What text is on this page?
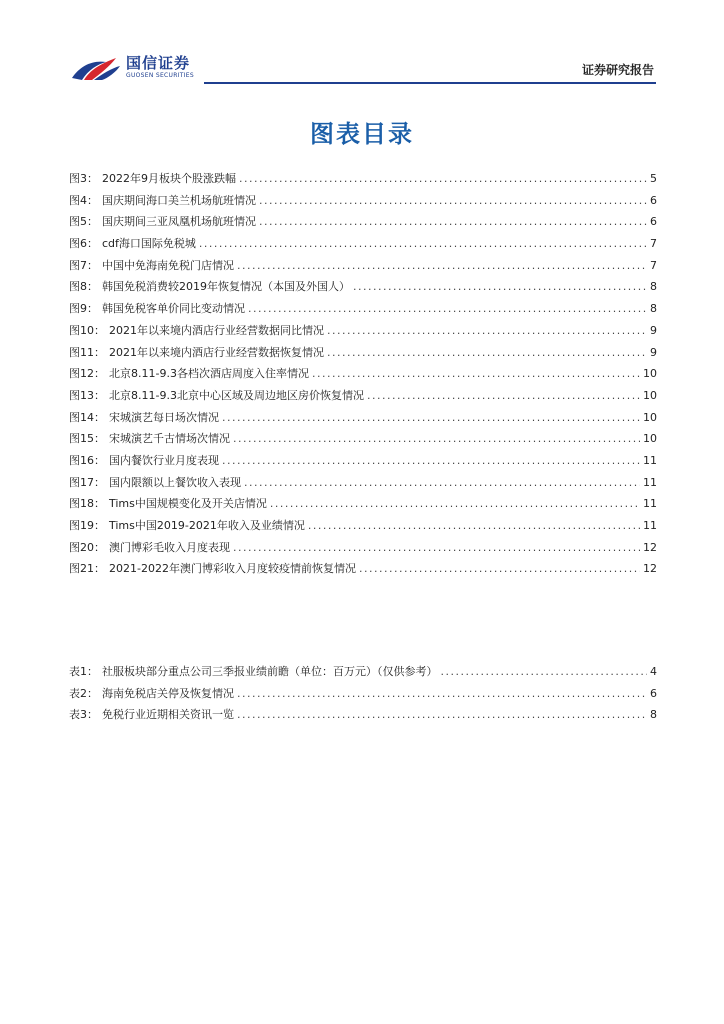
国信证券
GUOSEN SECURITIES	证券研究报告
图表目录
图3： 2022年9月板块个股涨跌幅 .....	5
图4： 国庆期间海口美兰机场航班情况 .....	6
图5： 国庆期间三亚凤凰机场航班情况 .....	6
图6： cdf海口国际免税城 .....	7
图7： 中国中免海南免税门店情况 .....	7
图8： 韩国免税消费较2019年恢复情况（本国及外国人） .....	8
图9： 韩国免税客单价同比变动情况 .....	8
图10： 2021年以来境内酒店行业经营数据同比情况 .....	9
图11： 2021年以来境内酒店行业经营数据恢复情况 .....	9
图12： 北京8.11-9.3各档次酒店周度入住率情况 .....	10
图13： 北京8.11-9.3北京中心区域及周边地区房价恢复情况 .....	10
图14： 宋城演艺每日场次情况 .....	10
图15： 宋城演艺千古情场次情况 .....	10
图16： 国内餐饮行业月度表现 .....	11
图17： 国内限额以上餐饮收入表现 .....	11
图18： Tims中国规模变化及开关店情况 .....	11
图19： Tims中国2019-2021年收入及业绩情况 .....	11
图20： 澳门博彩毛收入月度表现 .....	12
图21： 2021-2022年澳门博彩收入月度较疫情前恢复情况 .....	12
表1： 社服板块部分重点公司三季报业绩前瞻（单位：百万元）（仅供参考） .....	4
表2： 海南免税店关停及恢复情况 .....	6
表3： 免税行业近期相关资讯一览 .....	8
